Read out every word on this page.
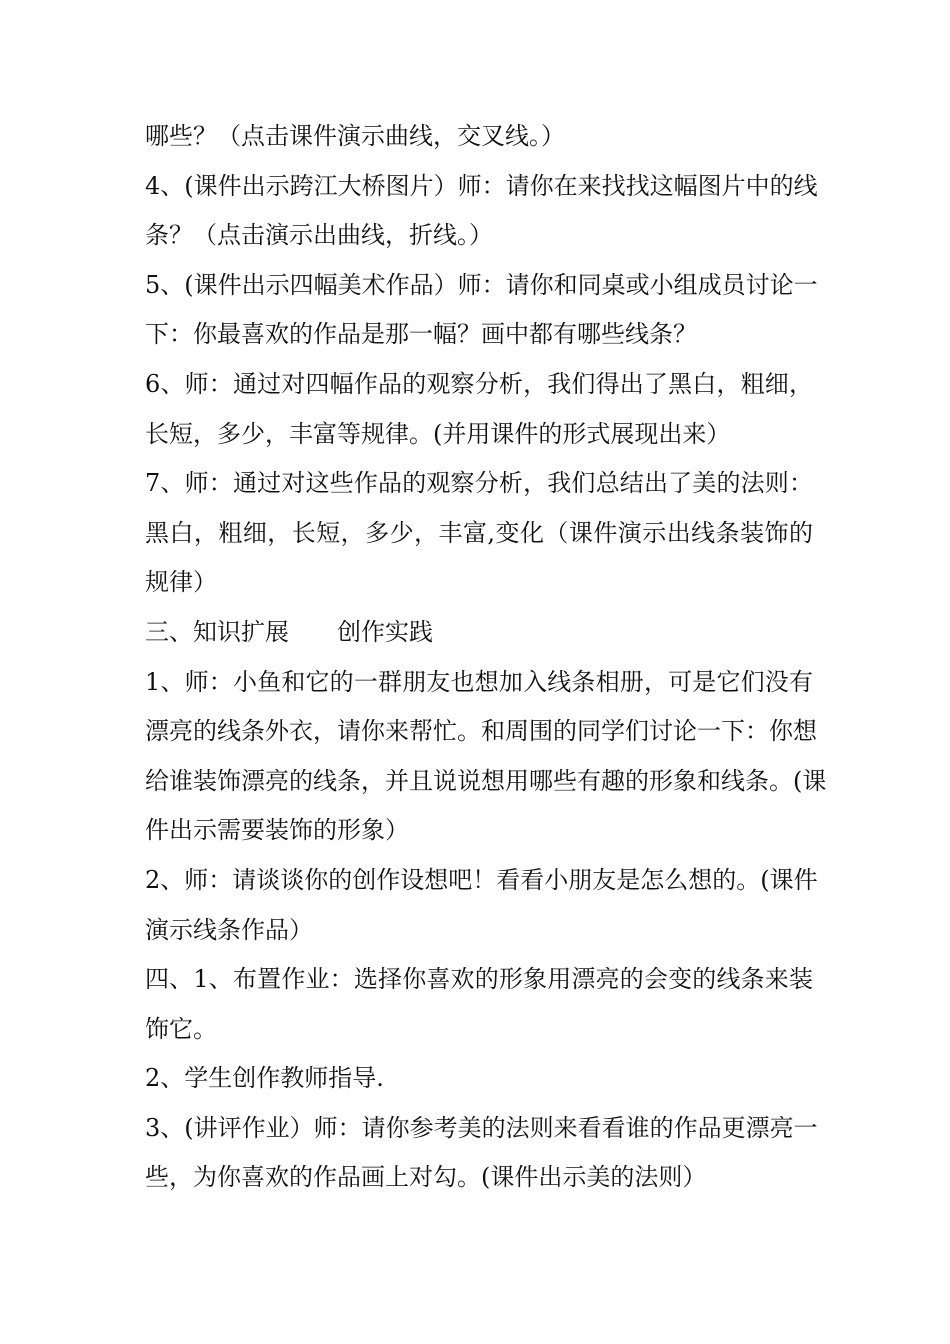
哪些？（点击课件演示曲线，交叉线。）
4、(课件出示跨江大桥图片）师：请你在来找找这幅图片中的线
条？（点击演示出曲线，折线。）
5、(课件出示四幅美术作品）师：请你和同桌或小组成员讨论一
下：你最喜欢的作品是那一幅？画中都有哪些线条？
6、师：通过对四幅作品的观察分析，我们得出了黑白，粗细，
长短，多少，丰富等规律。(并用课件的形式展现出来）
7、师：通过对这些作品的观察分析，我们总结出了美的法则：
黑白，粗细，长短，多少，丰富,变化（课件演示出线条装饰的
规律）
三、知识扩展　　创作实践
1、师：小鱼和它的一群朋友也想加入线条相册，可是它们没有
漂亮的线条外衣，请你来帮忙。和周围的同学们讨论一下：你想
给谁装饰漂亮的线条，并且说说想用哪些有趣的形象和线条。(课
件出示需要装饰的形象）
2、师：请谈谈你的创作设想吧！看看小朋友是怎么想的。(课件
演示线条作品）
四、1、布置作业：选择你喜欢的形象用漂亮的会变的线条来装
饰它。
2、学生创作教师指导.
3、(讲评作业）师：请你参考美的法则来看看谁的作品更漂亮一
些，为你喜欢的作品画上对勾。(课件出示美的法则）
